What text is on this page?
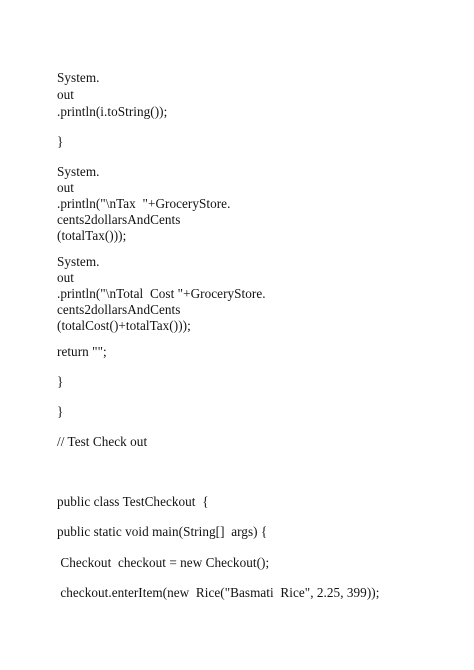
System.
out
.println(i.toString());
}
System.
out
.println("\nTax  "+GroceryStore.
cents2dollarsAndCents
(totalTax()));
System.
out
.println("\nTotal  Cost "+GroceryStore.
cents2dollarsAndCents
(totalCost()+totalTax()));
return "";
}
}
// Test Check out
public class TestCheckout  {
public static void main(String[]  args) {
Checkout  checkout = new Checkout();
checkout.enterItem(new  Rice("Basmati  Rice", 2.25, 399));
